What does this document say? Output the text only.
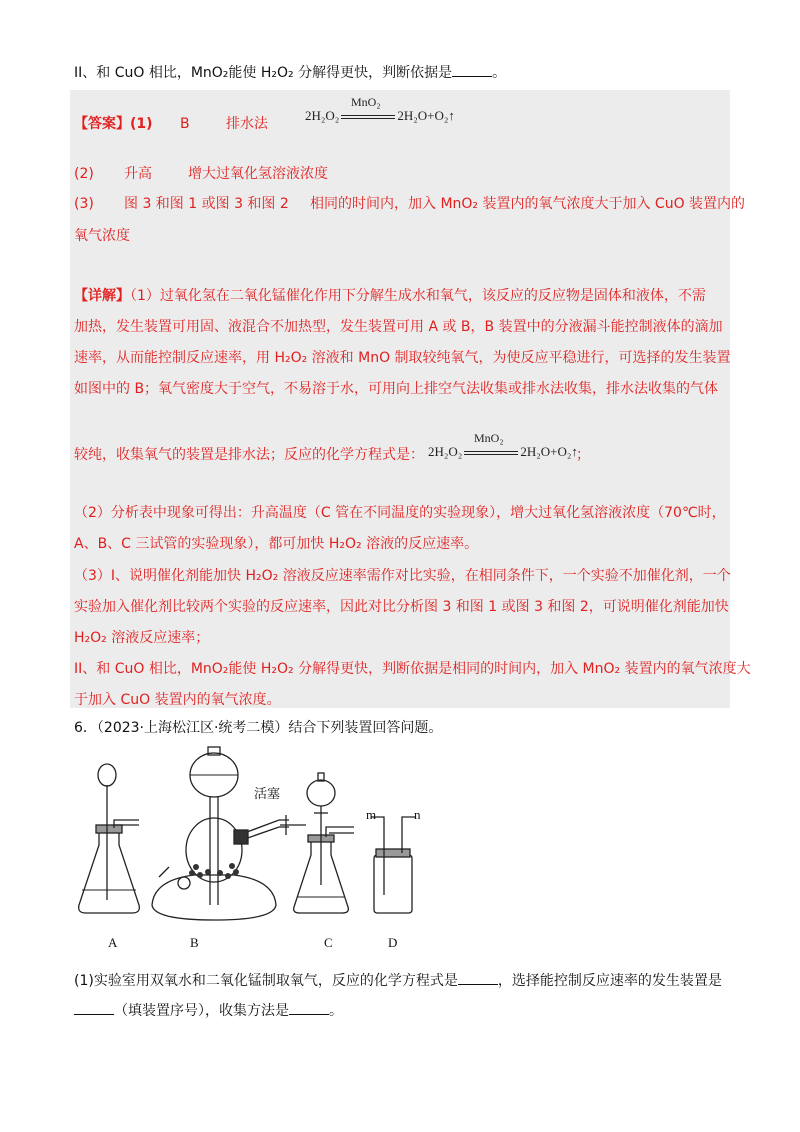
II、和 CuO 相比，MnO₂能使 H₂O₂ 分解得更快，判断依据是	。
【答案】(1) B	排水法
MnO₂
2H₂O₂	2H₂O+O₂↑
(2) 升高	增大过氧化氢溶液浓度
(3) 图 3 和图 1 或图 3 和图 2 相同的时间内，加入 MnO₂ 装置内的氧气浓度大于加入 CuO 装置内的
氧气浓度
【详解】（1）过氧化氢在二氧化锰催化作用下分解生成水和氧气，该反应的反应物是固体和液体，不需
加热，发生装置可用固、液混合不加热型，发生装置可用 A 或 B，B 装置中的分液漏斗能控制液体的滴加
速率，从而能控制反应速率，用 H₂O₂ 溶液和 MnO 制取较纯氧气，为使反应平稳进行，可选择的发生装置
如图中的 B；氧气密度大于空气，不易溶于水，可用向上排空气法收集或排水法收集，排水法收集的气体
较纯，收集氧气的装置是排水法；反应的化学方程式是：	；
MnO₂
2H₂O₂	2H₂O+O₂↑
（2）分析表中现象可得出：升高温度（C 管在不同温度的实验现象），增大过氧化氢溶液浓度（70℃时，
A、B、C 三试管的实验现象），都可加快 H₂O₂ 溶液的反应速率。
（3）I、说明催化剂能加快 H₂O₂ 溶液反应速率需作对比实验，在相同条件下，一个实验不加催化剂，一个
实验加入催化剂比较两个实验的反应速率，因此对比分析图 3 和图 1 或图 3 和图 2，可说明催化剂能加快
H₂O₂ 溶液反应速率；
II、和 CuO 相比，MnO₂能使 H₂O₂ 分解得更快，判断依据是相同的时间内，加入 MnO₂ 装置内的氧气浓度大
于加入 CuO 装置内的氧气浓度。
6．（2023·上海松江区·统考二模）结合下列装置回答问题。
A	B	C	D
活塞
m	n
(1)实验室用双氧水和二氧化锰制取氧气，反应的化学方程式是	，选择能控制反应速率的发生装置是
（填装置序号），收集方法是	。
